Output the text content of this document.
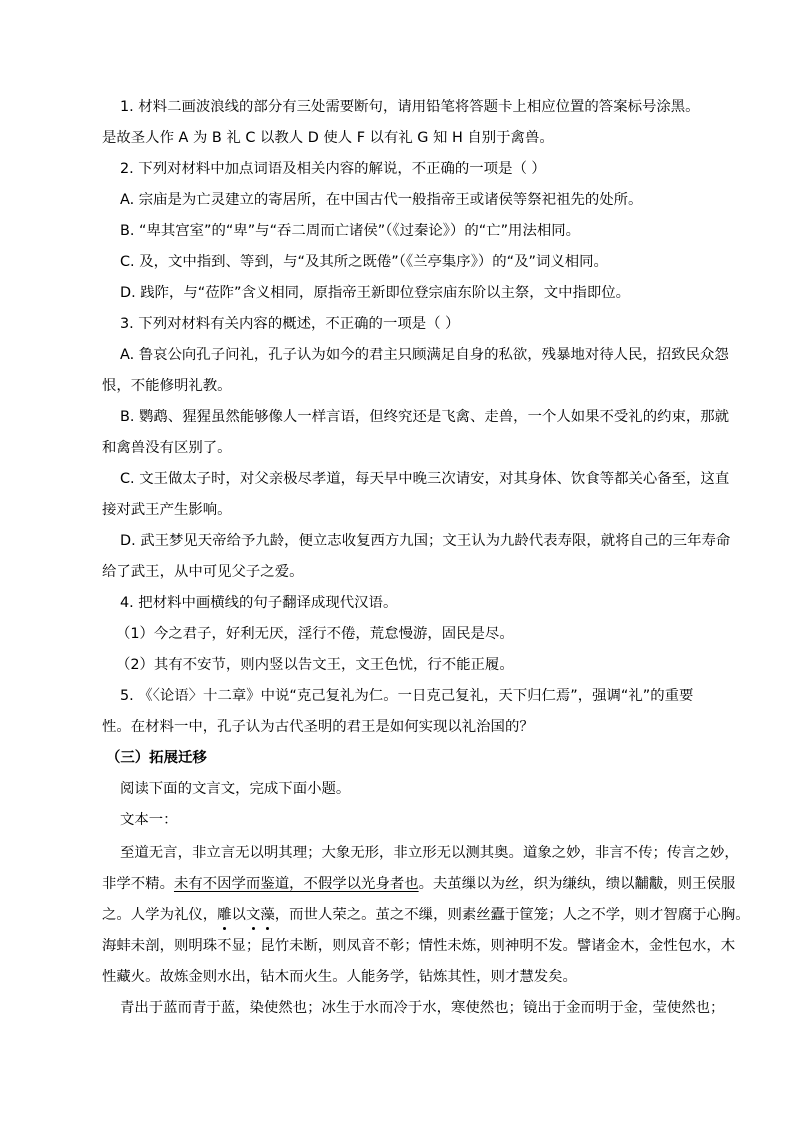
1. 材料二画波浪线的部分有三处需要断句，请用铅笔将答题卡上相应位置的答案标号涂黑。
是故圣人作 A 为 B 礼 C 以教人 D 使人 F 以有礼 G 知 H 自别于禽兽。
2. 下列对材料中加点词语及相关内容的解说，不正确的一项是（ ）
A. 宗庙是为亡灵建立的寄居所，在中国古代一般指帝王或诸侯等祭祀祖先的处所。
B. “卑其宫室”的“卑”与“吞二周而亡诸侯”（《过秦论》）的“亡”用法相同。
C. 及，文中指到、等到，与“及其所之既倦”（《兰亭集序》）的“及”词义相同。
D. 践阼，与“莅阼”含义相同，原指帝王新即位登宗庙东阶以主祭，文中指即位。
3. 下列对材料有关内容的概述，不正确的一项是（ ）
A. 鲁哀公向孔子问礼，孔子认为如今的君主只顾满足自身的私欲，残暴地对待人民，招致民众怨
恨，不能修明礼教。
B. 鹦鹉、猩猩虽然能够像人一样言语，但终究还是飞禽、走兽，一个人如果不受礼的约束，那就
和禽兽没有区别了。
C. 文王做太子时，对父亲极尽孝道，每天早中晚三次请安，对其身体、饮食等都关心备至，这直
接对武王产生影响。
D. 武王梦见天帝给予九龄，便立志收复西方九国；文王认为九龄代表寿限，就将自己的三年寿命
给了武王，从中可见父子之爱。
4. 把材料中画横线的句子翻译成现代汉语。
（1）今之君子，好利无厌，淫行不倦，荒怠慢游，固民是尽。
（2）其有不安节，则内竖以告文王，文王色忧，行不能正履。
5. 《〈论语〉十二章》中说“克己复礼为仁。一日克己复礼，天下归仁焉”，强调“礼”的重要
性。在材料一中，孔子认为古代圣明的君王是如何实现以礼治国的？
（三）拓展迁移
阅读下面的文言文，完成下面小题。
文本一：
至道无言，非立言无以明其理；大象无形，非立形无以测其奥。道象之妙，非言不传；传言之妙，
非学不精。未有不因学而鉴道，不假学以光身者也。夫茧缫以为丝，织为缣纨，缋以黼黻，则王侯服
之。人学为礼仪，雕以文藻，而世人荣之。茧之不缫，则素丝蠹于筐笼；人之不学，则才智腐于心胸。
海蚌未剖，则明珠不显；昆竹未断，则凤音不彰；情性未炼，则神明不发。譬诸金木，金性包水，木
性藏火。故炼金则水出，钻木而火生。人能务学，钻炼其性，则才慧发矣。
青出于蓝而青于蓝，染使然也；冰生于水而冷于水，寒使然也；镜出于金而明于金，莹使然也；
